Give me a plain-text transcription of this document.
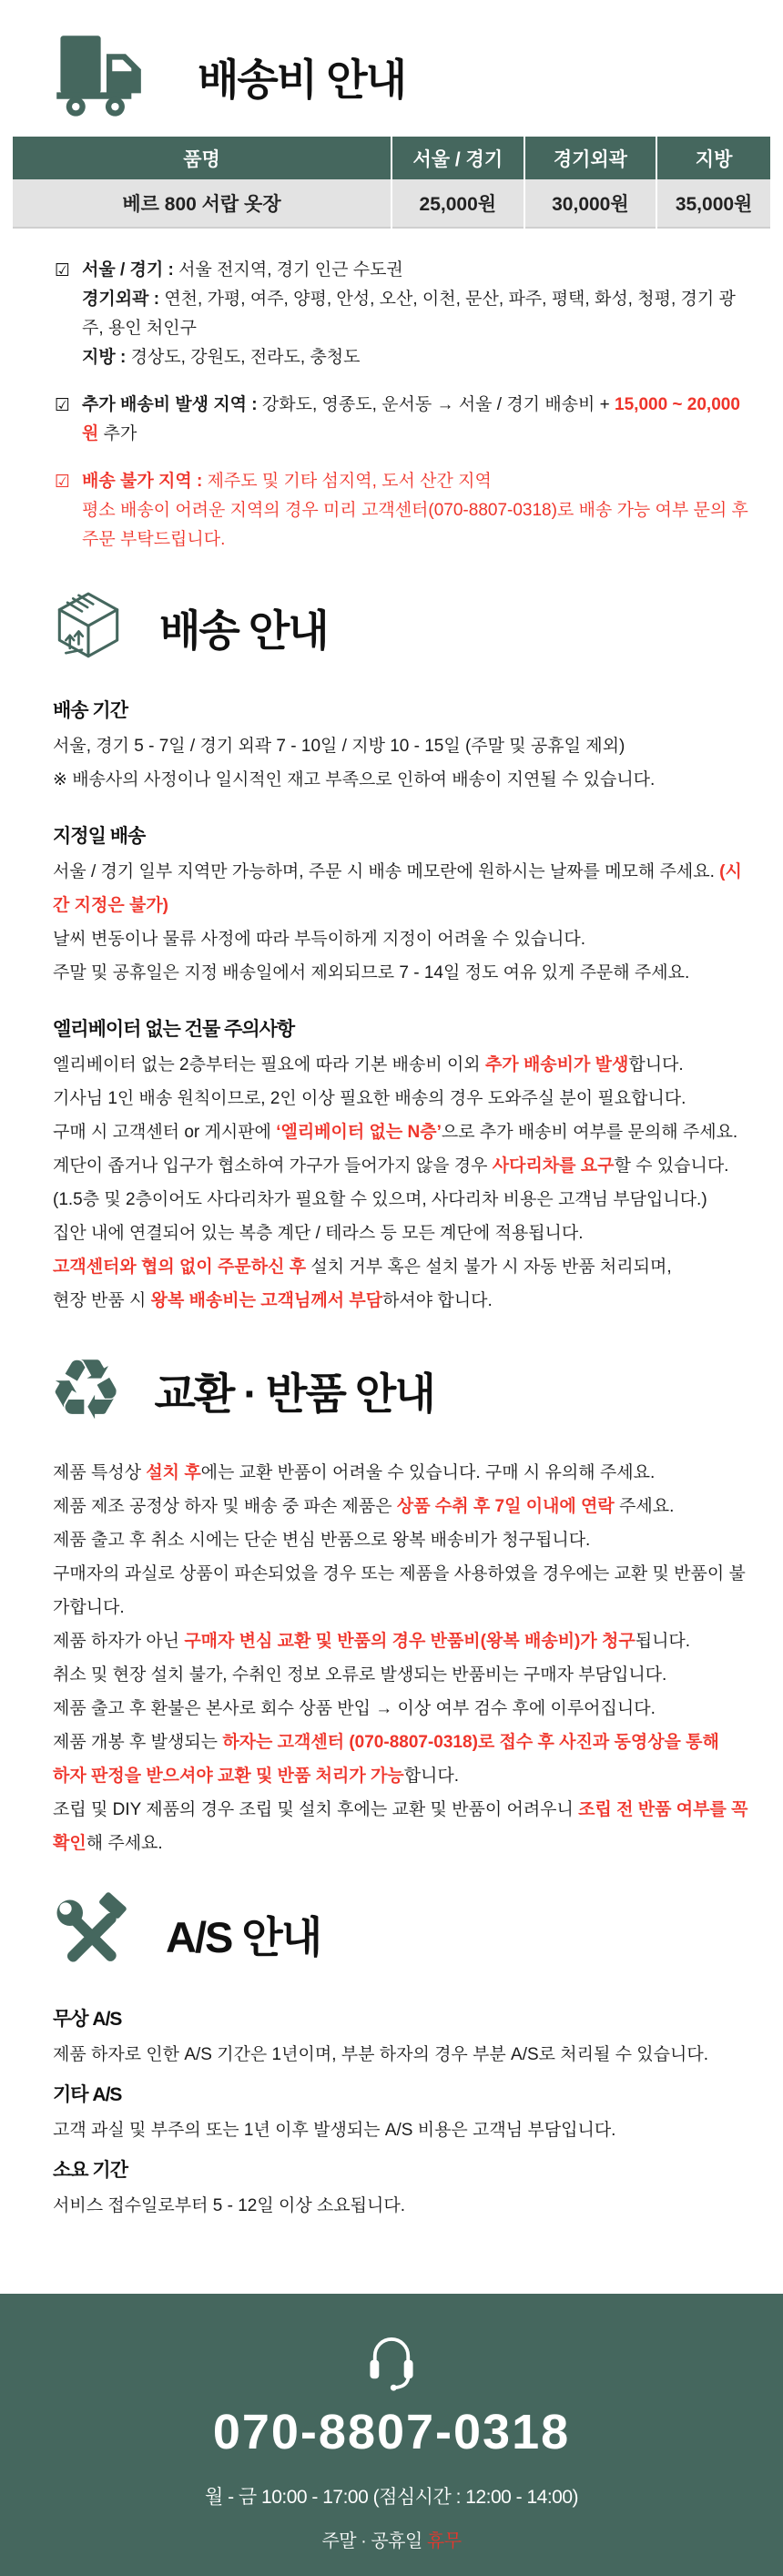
배송비 안내
품명	서울 / 경기	경기외곽	지방
베르 800 서랍 옷장	25,000원	30,000원	35,000원
☑ 서울 / 경기 : 서울 전지역, 경기 인근 수도권
경기외곽 : 연천, 가평, 여주, 양평, 안성, 오산, 이천, 문산, 파주, 평택, 화성, 청평, 경기 광주, 용인 처인구
지방 : 경상도, 강원도, 전라도, 충청도
☑ 추가 배송비 발생 지역 : 강화도, 영종도, 운서동 → 서울 / 경기 배송비 + 15,000 ~ 20,000원 추가
☑ 배송 불가 지역 : 제주도 및 기타 섬지역, 도서 산간 지역
평소 배송이 어려운 지역의 경우 미리 고객센터(070-8807-0318)로 배송 가능 여부 문의 후 주문 부탁드립니다.
배송 안내
배송 기간
서울, 경기 5 - 7일 / 경기 외곽 7 - 10일 / 지방 10 - 15일 (주말 및 공휴일 제외)
※ 배송사의 사정이나 일시적인 재고 부족으로 인하여 배송이 지연될 수 있습니다.
지정일 배송
서울 / 경기 일부 지역만 가능하며, 주문 시 배송 메모란에 원하시는 날짜를 메모해 주세요. (시간 지정은 불가)
날씨 변동이나 물류 사정에 따라 부득이하게 지정이 어려울 수 있습니다.
주말 및 공휴일은 지정 배송일에서 제외되므로 7 - 14일 정도 여유 있게 주문해 주세요.
엘리베이터 없는 건물 주의사항
엘리베이터 없는 2층부터는 필요에 따라 기본 배송비 이외 추가 배송비가 발생합니다.
기사님 1인 배송 원칙이므로, 2인 이상 필요한 배송의 경우 도와주실 분이 필요합니다.
구매 시 고객센터 or 게시판에 ‘엘리베이터 없는 N층’으로 추가 배송비 여부를 문의해 주세요.
계단이 좁거나 입구가 협소하여 가구가 들어가지 않을 경우 사다리차를 요구할 수 있습니다.
(1.5층 및 2층이어도 사다리차가 필요할 수 있으며, 사다리차 비용은 고객님 부담입니다.)
집안 내에 연결되어 있는 복층 계단 / 테라스 등 모든 계단에 적용됩니다.
고객센터와 협의 없이 주문하신 후 설치 거부 혹은 설치 불가 시 자동 반품 처리되며,
현장 반품 시 왕복 배송비는 고객님께서 부담하셔야 합니다.
♻ 교환 · 반품 안내
제품 특성상 설치 후에는 교환 반품이 어려울 수 있습니다. 구매 시 유의해 주세요.
제품 제조 공정상 하자 및 배송 중 파손 제품은 상품 수취 후 7일 이내에 연락 주세요.
제품 출고 후 취소 시에는 단순 변심 반품으로 왕복 배송비가 청구됩니다.
구매자의 과실로 상품이 파손되었을 경우 또는 제품을 사용하였을 경우에는 교환 및 반품이 불가합니다.
제품 하자가 아닌 구매자 변심 교환 및 반품의 경우 반품비(왕복 배송비)가 청구됩니다.
취소 및 현장 설치 불가, 수취인 정보 오류로 발생되는 반품비는 구매자 부담입니다.
제품 출고 후 환불은 본사로 회수 상품 반입 → 이상 여부 검수 후에 이루어집니다.
제품 개봉 후 발생되는 하자는 고객센터 (070-8807-0318)로 접수 후 사진과 동영상을 통해
하자 판정을 받으셔야 교환 및 반품 처리가 가능합니다.
조립 및 DIY 제품의 경우 조립 및 설치 후에는 교환 및 반품이 어려우니 조립 전 반품 여부를 꼭 확인해 주세요.
A/S 안내
무상 A/S
제품 하자로 인한 A/S 기간은 1년이며, 부분 하자의 경우 부분 A/S로 처리될 수 있습니다.
기타 A/S
고객 과실 및 부주의 또는 1년 이후 발생되는 A/S 비용은 고객님 부담입니다.
소요 기간
서비스 접수일로부터 5 - 12일 이상 소요됩니다.
070-8807-0318
월 - 금 10:00 - 17:00 (점심시간 : 12:00 - 14:00)
주말 · 공휴일 휴무
